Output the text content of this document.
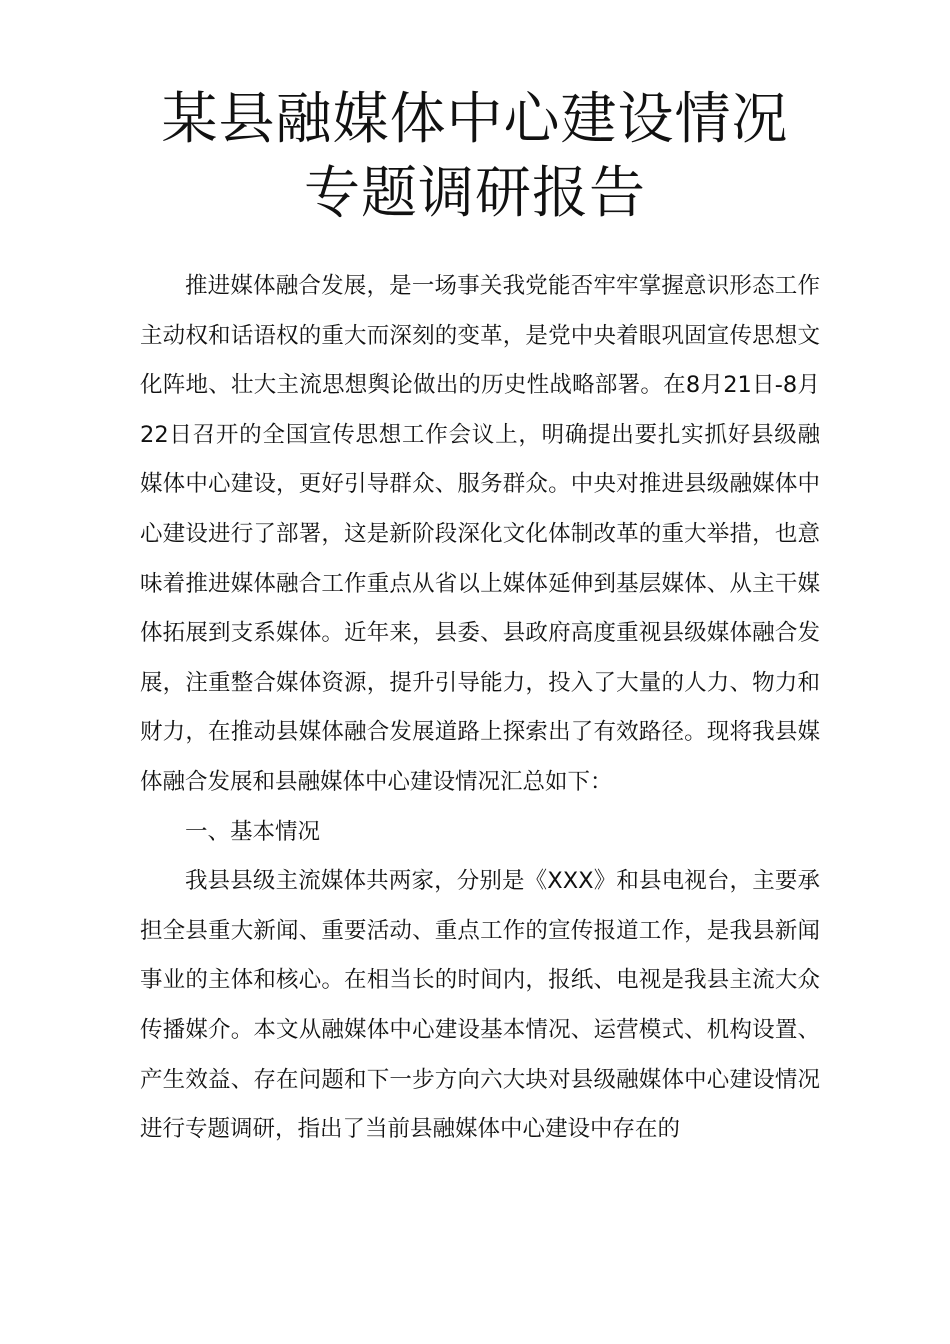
某县融媒体中心建设情况
专题调研报告

推进媒体融合发展，是一场事关我党能否牢牢掌握意识形态工作主动权和话语权的重大而深刻的变革，是党中央着眼巩固宣传思想文化阵地、壮大主流思想舆论做出的历史性战略部署。在8月21日-8月22日召开的全国宣传思想工作会议上，明确提出要扎实抓好县级融媒体中心建设，更好引导群众、服务群众。中央对推进县级融媒体中心建设进行了部署，这是新阶段深化文化体制改革的重大举措，也意味着推进媒体融合工作重点从省以上媒体延伸到基层媒体、从主干媒体拓展到支系媒体。近年来，县委、县政府高度重视县级媒体融合发展，注重整合媒体资源，提升引导能力，投入了大量的人力、物力和财力，在推动县媒体融合发展道路上探索出了有效路径。现将我县媒体融合发展和县融媒体中心建设情况汇总如下：

一、基本情况

我县县级主流媒体共两家，分别是《XXX》和县电视台，主要承担全县重大新闻、重要活动、重点工作的宣传报道工作，是我县新闻事业的主体和核心。在相当长的时间内，报纸、电视是我县主流大众传播媒介。本文从融媒体中心建设基本情况、运营模式、机构设置、产生效益、存在问题和下一步方向六大块对县级融媒体中心建设情况进行专题调研，指出了当前县融媒体中心建设中存在的
